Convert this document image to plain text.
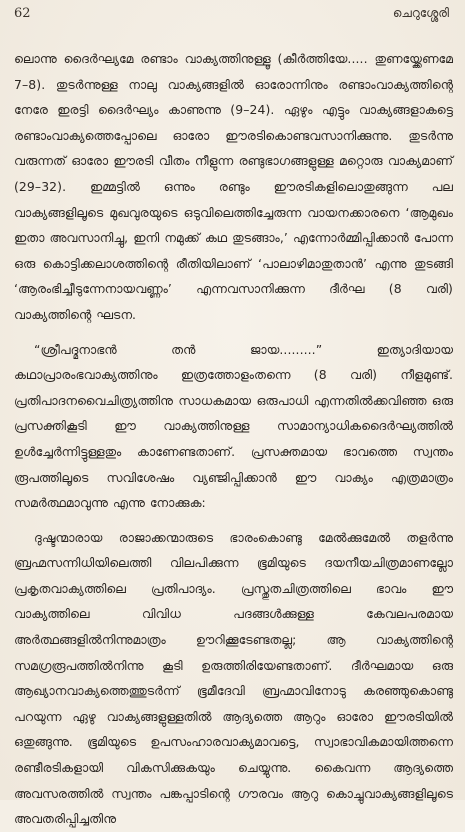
62	ചെറുശ്ശേരി

ലൊന്നു ദൈർഘ്യമേ രണ്ടാം വാക്യത്തിനുള്ളൂ (കീർത്തിയേ..... തുണയ്ക്കേണമേ 7–8). തുടർന്നുള്ള നാലു വാക്യങ്ങളിൽ ഓരോന്നിനും രണ്ടാംവാക്യത്തിന്റെ നേരേ ഇരട്ടി ദൈർഘ്യം കാണുന്നു (9–24). ഏഴും എട്ടും വാക്യങ്ങളാകട്ടെ രണ്ടാംവാക്യത്തെപ്പോലെ ഓരോ ഈരടികൊണ്ടവസാനിക്കുന്നു. തുടർന്നു വരുന്നത് ഓരോ ഈരടി വീതം നീളുന്ന രണ്ടുഭാഗങ്ങളുള്ള മറ്റൊരു വാക്യമാണ് (29–32). ഇമ്മട്ടിൽ ഒന്നും രണ്ടും ഈരടികളിലൊതുങ്ങുന്ന പല വാക്യങ്ങളിലൂടെ മുഖവുരയുടെ ഒടുവിലെത്തിച്ചേരുന്ന വായനക്കാരനെ ‘ആമുഖം ഇതാ അവസാനിച്ചു, ഇനി നമുക്ക് കഥ തുടങ്ങാം,’ എന്നോർമ്മിപ്പിക്കാൻ പോന്ന ഒരു കൊട്ടിക്കലാശത്തിന്റെ രീതിയിലാണ് ‘പാലാഴിമാതുതാൻ’ എന്നു തുടങ്ങി ‘ആരംഭിച്ചീടുന്നേനായവണ്ണം’ എന്നവസാനിക്കുന്ന ദീർഘ (8 വരി) വാക്യത്തിന്റെ ഘടന.

“ശ്രീപദ്മനാഭൻ തൻ ജായ.........” ഇത്യാദിയായ കഥാപ്രാരംഭവാക്യത്തിനും ഇത്രത്തോളംതന്നെ (8 വരി) നീളമുണ്ട്. പ്രതിപാദനവൈചിത്ര്യത്തിനു സാധകമായ ഒരുപാധി എന്നതിൽക്കവിഞ്ഞ ഒരു പ്രസക്തികൂടി ഈ വാക്യത്തിനുള്ള സാമാന്യാധികദൈർഘ്യത്തിൽ ഉൾച്ചേർന്നിട്ടുള്ളതും കാണേണ്ടതാണ്. പ്രസക്തമായ ഭാവത്തെ സ്വന്തം രൂപത്തിലൂടെ സവിശേഷം വ്യഞ്ജിപ്പിക്കാൻ ഈ വാക്യം എത്രമാത്രം സമർത്ഥമാവുന്നു എന്നു നോക്കുക:

ദുഷ്ടന്മാരായ രാജാക്കന്മാരുടെ ഭാരംകൊണ്ടു മേൽക്കുമേൽ തളർന്നു ബ്രഹ്മസന്നിധിയിലെത്തി വിലപിക്കുന്ന ഭൂമിയുടെ ദയനീയചിത്രമാണല്ലോ പ്രകൃതവാക്യത്തിലെ പ്രതിപാദ്യം. പ്രസ്തുതചിത്രത്തിലെ ഭാവം ഈ വാക്യത്തിലെ വിവിധ പദങ്ങൾക്കുള്ള കേവലപരമായ അർത്ഥങ്ങളിൽനിന്നുമാത്രം ഊറിക്കൂടേണ്ടതല്ല; ആ വാക്യത്തിന്റെ സമഗ്രരൂപത്തിൽനിന്നു കൂടി ഉരുത്തിരിയേണ്ടതാണ്. ദീർഘമായ ഒരു ആഖ്യാനവാക്യത്തെത്തുടർന്ന് ഭൂമീദേവി ബ്രഹ്മാവിനോടു കരഞ്ഞുകൊണ്ടു പറയുന്ന ഏഴു വാക്യങ്ങളുള്ളതിൽ ആദ്യത്തെ ആറും ഓരോ ഈരടിയിൽ ഒതുങ്ങുന്നു. ഭൂമിയുടെ ഉപസംഹാരവാക്യമാവട്ടെ, സ്വാഭാവികമായിത്തന്നെ രണ്ടീരടികളായി വികസിക്കുകയും ചെയ്യുന്നു. കൈവന്ന ആദ്യത്തെ അവസരത്തിൽ സ്വന്തം പങ്കപ്പാടിന്റെ ഗൗരവം ആറു കൊച്ചുവാക്യങ്ങളിലൂടെ അവതരിപ്പിച്ചതിനു
